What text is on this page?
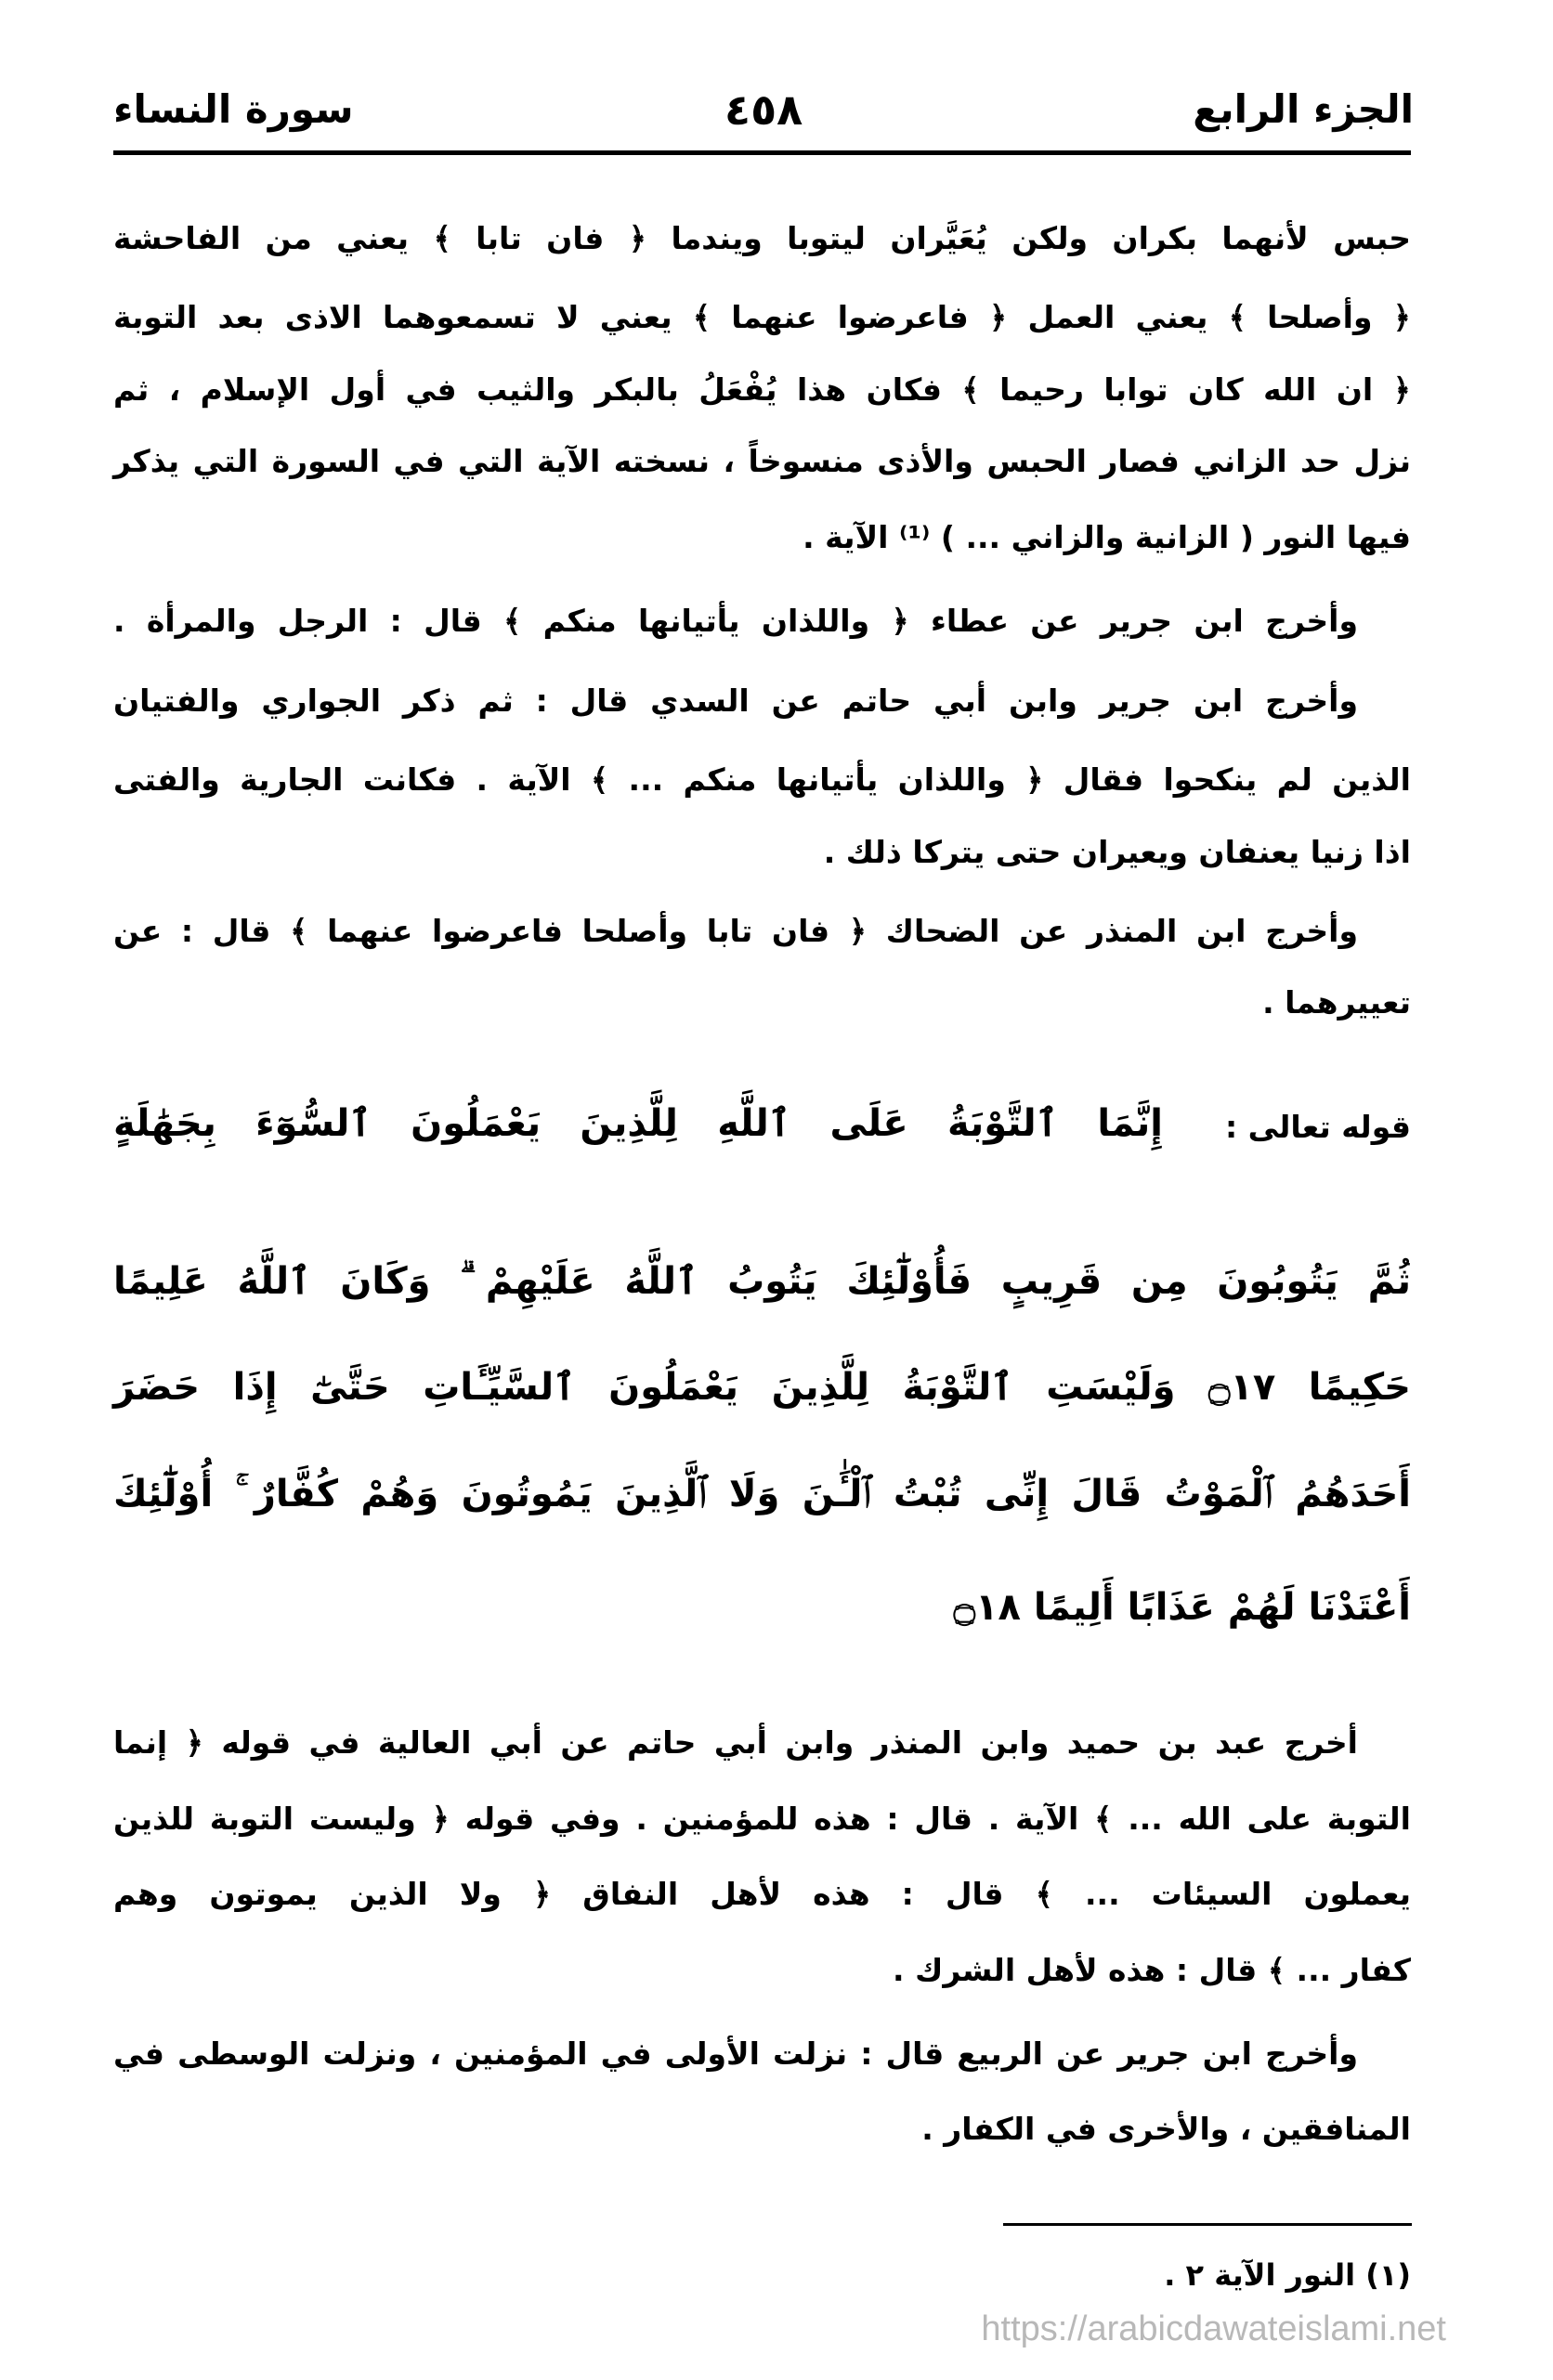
الجزء الرابع
٤٥٨
سورة النساء
حبس لأنهما بكران ولكن يُعَيَّران ليتوبا ويندما ﴿ فان تابا ﴾ يعني من الفاحشة
﴿ وأصلحا ﴾ يعني العمل ﴿ فاعرضوا عنهما ﴾ يعني لا تسمعوهما الاذى بعد التوبة
﴿ ان الله كان توابا رحيما ﴾ فكان هذا يُفْعَلُ بالبكر والثيب في أول الإسلام ، ثم
نزل حد الزاني فصار الحبس والأذى منسوخاً ، نسخته الآية التي في السورة التي يذكر
فيها النور ( الزانية والزاني ... ) ⁽¹⁾ الآية .
وأخرج ابن جرير عن عطاء ﴿ واللذان يأتيانها منكم ﴾ قال : الرجل والمرأة .
وأخرج ابن جرير وابن أبي حاتم عن السدي قال : ثم ذكر الجواري والفتيان
الذين لم ينكحوا فقال ﴿ واللذان يأتيانها منكم ... ﴾ الآية . فكانت الجارية والفتى
اذا زنيا يعنفان ويعيران حتى يتركا ذلك .
وأخرج ابن المنذر عن الضحاك ﴿ فان تابا وأصلحا فاعرضوا عنهما ﴾ قال : عن
تعييرهما .
قوله تعالى :
إِنَّمَا ٱلتَّوْبَةُ عَلَى ٱللَّهِ لِلَّذِينَ يَعْمَلُونَ ٱلسُّوٓءَ بِجَهَٰلَةٍ
ثُمَّ يَتُوبُونَ مِن قَرِيبٍ فَأُوْلَٰٓئِكَ يَتُوبُ ٱللَّهُ عَلَيْهِمْ ۗ وَكَانَ ٱللَّهُ عَلِيمًا
حَكِيمًا ۝١٧ وَلَيْسَتِ ٱلتَّوْبَةُ لِلَّذِينَ يَعْمَلُونَ ٱلسَّيِّـَٔاتِ حَتَّىٰٓ إِذَا حَضَرَ
أَحَدَهُمُ ٱلْمَوْتُ قَالَ إِنِّى تُبْتُ ٱلْـَٰٔنَ وَلَا ٱلَّذِينَ يَمُوتُونَ وَهُمْ كُفَّارٌ ۚ أُوْلَٰٓئِكَ
أَعْتَدْنَا لَهُمْ عَذَابًا أَلِيمًا ۝١٨
أخرج عبد بن حميد وابن المنذر وابن أبي حاتم عن أبي العالية في قوله ﴿ إنما
التوبة على الله ... ﴾ الآية . قال : هذه للمؤمنين . وفي قوله ﴿ وليست التوبة للذين
يعملون السيئات ... ﴾ قال : هذه لأهل النفاق ﴿ ولا الذين يموتون وهم
كفار ... ﴾ قال : هذه لأهل الشرك .
وأخرج ابن جرير عن الربيع قال : نزلت الأولى في المؤمنين ، ونزلت الوسطى في
المنافقين ، والأخرى في الكفار .
(١) النور الآية ٢ .
https://arabicdawateislami.net
